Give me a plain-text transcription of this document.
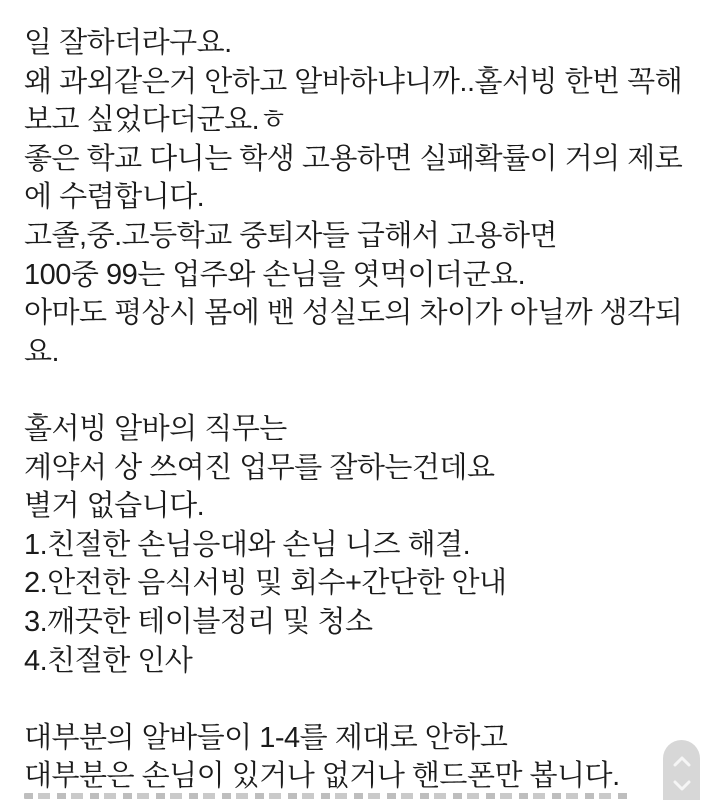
일 잘하더라구요.
왜 과외같은거 안하고 알바하냐니까..홀서빙 한번 꼭해
보고 싶었다더군요.ㅎ
좋은 학교 다니는 학생 고용하면 실패확률이 거의 제로
에 수렴합니다.
고졸,중.고등학교 중퇴자들 급해서 고용하면
100중 99는 업주와 손님을 엿먹이더군요.
아마도 평상시 몸에 밴 성실도의 차이가 아닐까 생각되
요.

홀서빙 알바의 직무는
계약서 상 쓰여진 업무를 잘하는건데요
별거 없습니다.
1.친절한 손님응대와 손님 니즈 해결.
2.안전한 음식서빙 및 회수+간단한 안내
3.깨끗한 테이블정리 및 청소
4.친절한 인사

대부분의 알바들이 1-4를 제대로 안하고
대부분은 손님이 있거나 없거나 핸드폰만 봅니다.
